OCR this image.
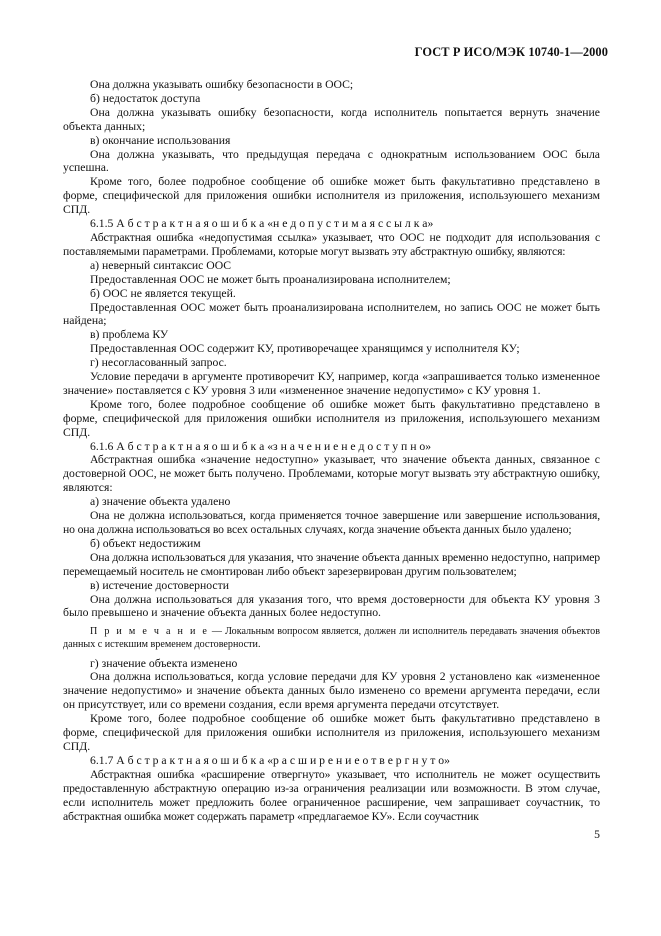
ГОСТ Р ИСО/МЭК 10740-1—2000

Она должна указывать ошибку безопасности в ООС;

б) недостаток доступа

Она должна указывать ошибку безопасности, когда исполнитель попытается вернуть значение объекта данных;

в) окончание использования

Она должна указывать, что предыдущая передача с однократным использованием ООС была успешна.

Кроме того, более подробное сообщение об ошибке может быть факультативно представлено в форме, специфической для приложения ошибки исполнителя из приложения, используюшего механизм СПД.

6.1.5 А б с т р а к т н а я о ш и б к а «н е д о п у с т и м а я с с ы л к а»

Абстрактная ошибка «недопустимая ссылка» указывает, что ООС не подходит для использования с поставляемыми параметрами. Проблемами, которые могут вызвать эту абстрактную ошибку, являются:

а) неверный синтаксис ООС

Предоставленная ООС не может быть проанализирована исполнителем;

б) ООС не является текущей.

Предоставленная ООС может быть проанализирована исполнителем, но запись ООС не может быть найдена;

в) проблема КУ

Предоставленная ООС содержит КУ, противоречащее хранящимся у исполнителя КУ;

г) несогласованный запрос.

Условие передачи в аргументе противоречит КУ, например, когда «запрашивается только измененное значение» поставляется с КУ уровня 3 или «измененное значение недопустимо» с КУ уровня 1.

Кроме того, более подробное сообщение об ошибке может быть факультативно представлено в форме, специфической для приложения ошибки исполнителя из приложения, используюшего механизм СПД.

6.1.6 А б с т р а к т н а я о ш и б к а «з н а ч е н и е н е д о с т у п н о»

Абстрактная ошибка «значение недоступно» указывает, что значение объекта данных, связанное с достоверной ООС, не может быть получено. Проблемами, которые могут вызвать эту абстрактную ошибку, являются:

а) значение объекта удалено

Она не должна использоваться, когда применяется точное завершение или завершение использования, но она должна использоваться во всех остальных случаях, когда значение объекта данных было удалено;

б) объект недостижим

Она должна использоваться для указания, что значение объекта данных временно недоступно, например перемещаемый носитель не смонтирован либо объект зарезервирован другим пользователем;

в) истечение достоверности

Она должна использоваться для указания того, что время достоверности для объекта КУ уровня 3 было превышено и значение объекта данных более недоступно.

П р и м е ч а н и е — Локальным вопросом является, должен ли исполнитель передавать значения объектов данных с истекшим временем достоверности.

г) значение объекта изменено

Она должна использоваться, когда условие передачи для КУ уровня 2 установлено как «измененное значение недопустимо» и значение объекта данных было изменено со времени аргумента передачи, если он присутствует, или со времени создания, если время аргумента передачи отсутствует.

Кроме того, более подробное сообщение об ошибке может быть факультативно представлено в форме, специфической для приложения ошибки исполнителя из приложения, используюшего механизм СПД.

6.1.7 А б с т р а к т н а я о ш и б к а «р а с ш и р е н и е о т в е р г н у т о»

Абстрактная ошибка «расширение отвергнуто» указывает, что исполнитель не может осуществить предоставленную абстрактную операцию из-за ограничения реализации или возможности. В этом случае, если исполнитель может предложить более ограниченное расширение, чем запрашивает соучастник, то абстрактная ошибка может содержать параметр «предлагаемое КУ». Если соучастник

5
